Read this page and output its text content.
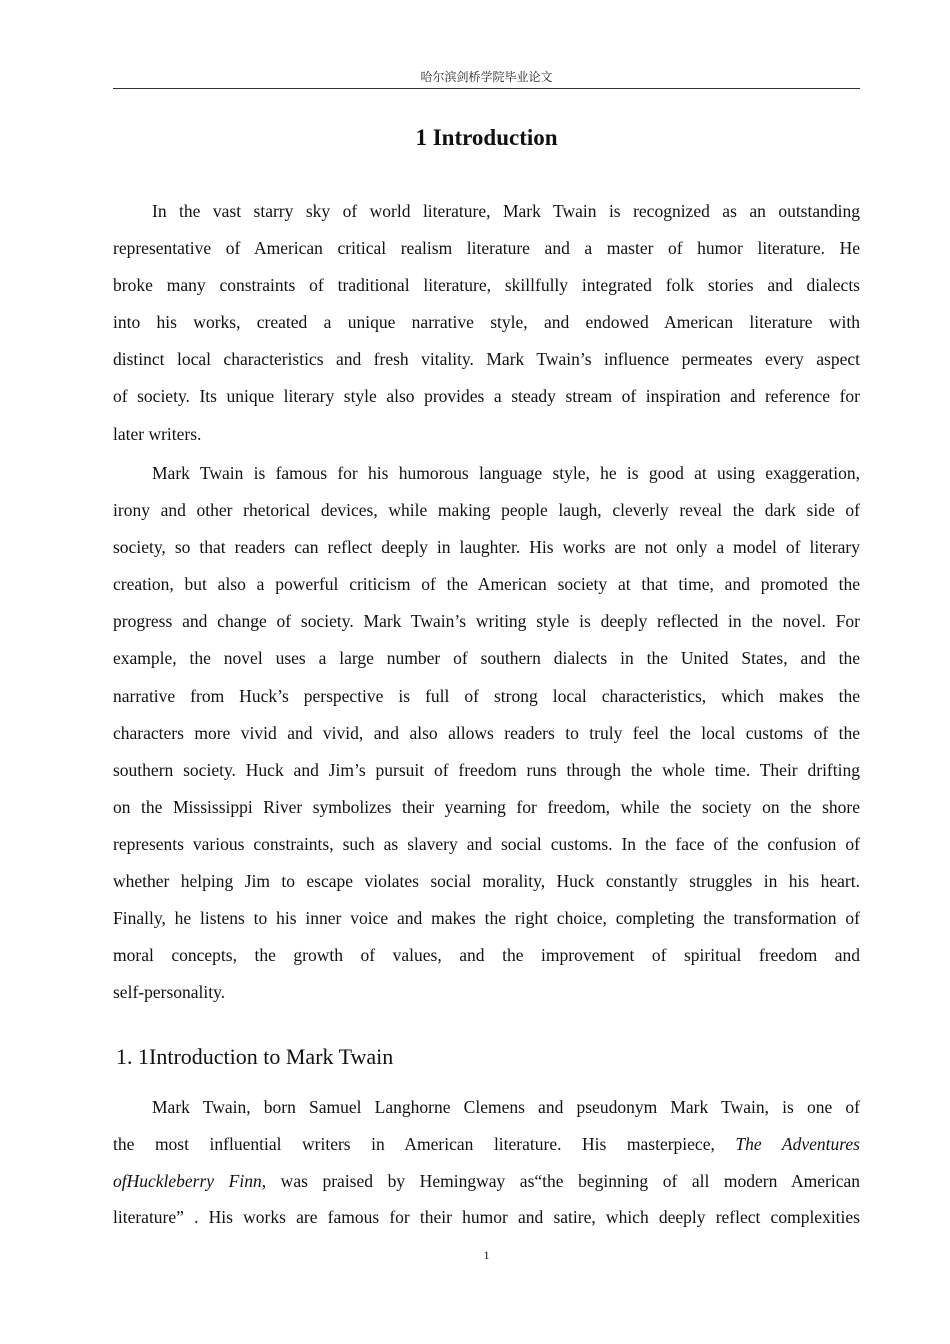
哈尔滨剑桥学院毕业论文
1 Introduction
In the vast starry sky of world literature, Mark Twain is recognized as an outstanding
representative of American critical realism literature and a master of humor literature. He
broke many constraints of traditional literature, skillfully integrated folk stories and dialects
into his works, created a unique narrative style, and endowed American literature with
distinct local characteristics and fresh vitality. Mark Twain’s influence permeates every aspect
of society. Its unique literary style also provides a steady stream of inspiration and reference for
later writers.
Mark Twain is famous for his humorous language style, he is good at using exaggeration,
irony and other rhetorical devices, while making people laugh, cleverly reveal the dark side of
society, so that readers can reflect deeply in laughter. His works are not only a model of literary
creation, but also a powerful criticism of the American society at that time, and promoted the
progress and change of society. Mark Twain’s writing style is deeply reflected in the novel. For
example, the novel uses a large number of southern dialects in the United States, and the
narrative from Huck’s perspective is full of strong local characteristics, which makes the
characters more vivid and vivid, and also allows readers to truly feel the local customs of the
southern society. Huck and Jim’s pursuit of freedom runs through the whole time. Their drifting
on the Mississippi River symbolizes their yearning for freedom, while the society on the shore
represents various constraints, such as slavery and social customs. In the face of the confusion of
whether helping Jim to escape violates social morality, Huck constantly struggles in his heart.
Finally, he listens to his inner voice and makes the right choice, completing the transformation of
moral concepts, the growth of values, and the improvement of spiritual freedom and
self-personality.
1. 1Introduction to Mark Twain
Mark Twain, born Samuel Langhorne Clemens and pseudonym Mark Twain, is one of
the most influential writers in American literature. His masterpiece, The Adventures
ofHuckleberry Finn, was praised by Hemingway as“the beginning of all modern American
literature” . His works are famous for their humor and satire, which deeply reflect complexities
1
